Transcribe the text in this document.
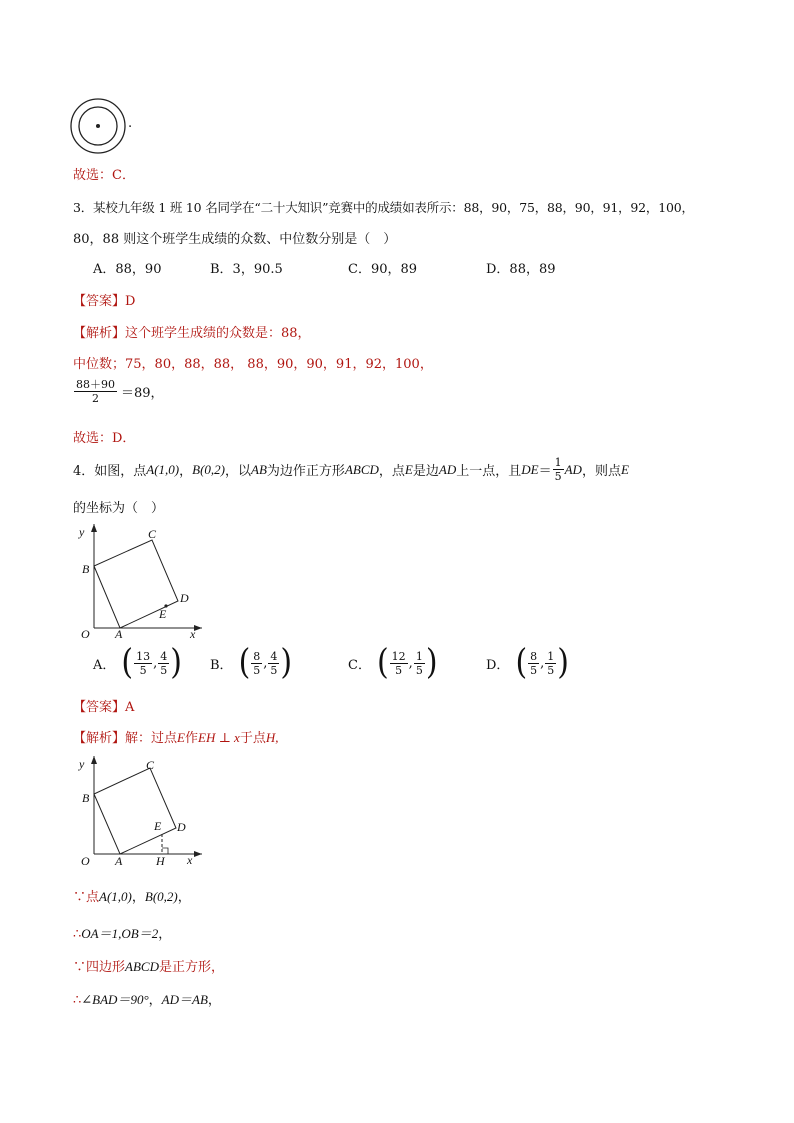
.
故选：C．
3．某校九年级 1 班 10 名同学在“二十大知识”竞赛中的成绩如表所示：88，90，75，88，90，91，92，100，
80，88 则这个班学生成绩的众数、中位数分别是（　）
A．88，90	B．3，90.5	C．90，89	D．88，89
【答案】D
【解析】这个班学生成绩的众数是：88，
中位数；75，80，88，88， 88，90，90，91，92，100，
$\frac{88+90}{2} =89$，
故选：D．
4．如图，点 A(1,0) ， B(0,2) ，以 AB 为边作正方形 ABCD ，点 E 是边 AD 上一点，且 DE ＝ $\frac{1}{5}$ AD ，则点 E
的坐标为（　）
y
x
O A
B
C
D
E
A． ( $\frac{13}{5}$ , $\frac{4}{5}$ ) B． ( $\frac{8}{5}$ , $\frac{4}{5}$ )	C． ( $\frac{12}{5}$ , $\frac{1}{5}$ )	D． ( $\frac{8}{5}$ , $\frac{1}{5}$ )
【答案】A
【解析】 解：过点 E 作 EH ⊥ x 于点 H,
y
x
O A
B
C
D
E
H
∵点 A(1,0) ， B(0,2) ，
∴ OA＝1,OB＝2 ，
∵四边形 ABCD 是正方形，
∴ ∠BAD＝90° ， AD＝AB ，
